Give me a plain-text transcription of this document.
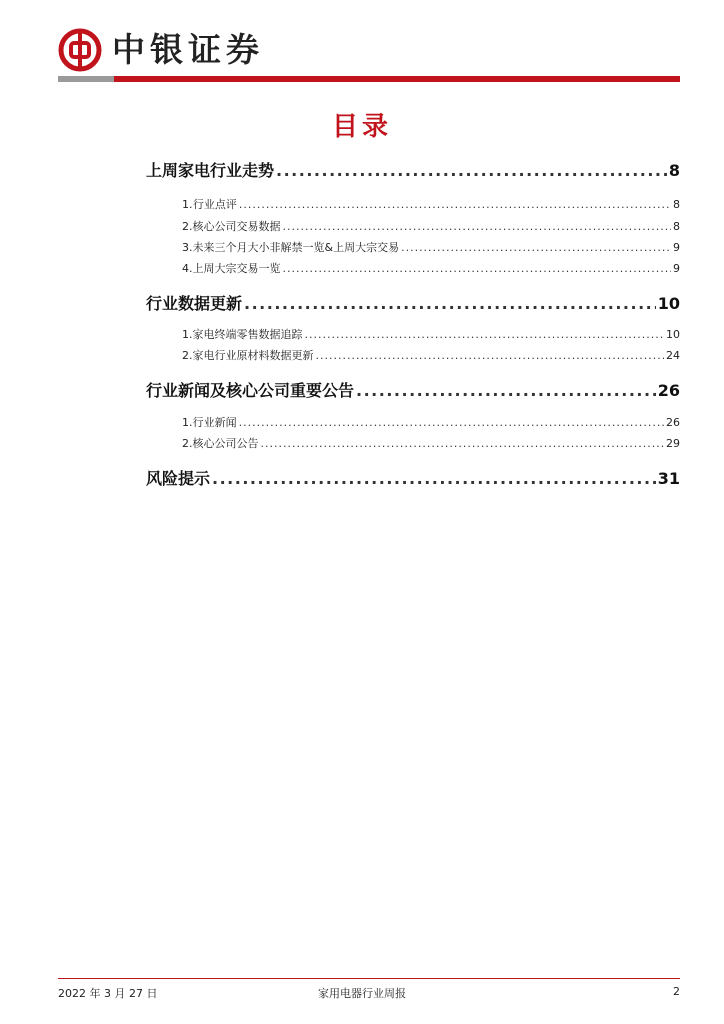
中银证券
目录
上周家电行业走势 .....	8
1. 行业点评 .....	8
2. 核心公司交易数据 .....	8
3. 未来三个月大小非解禁一览&上周大宗交易 .....	9
4. 上周大宗交易一览 .....	9
行业数据更新 .....	10
1. 家电终端零售数据追踪 .....	10
2. 家电行业原材料数据更新 .....	24
行业新闻及核心公司重要公告 .....	26
1. 行业新闻 .....	26
2. 核心公司公告 .....	29
风险提示 .....	31
2022 年 3 月 27 日	家用电器行业周报	2
